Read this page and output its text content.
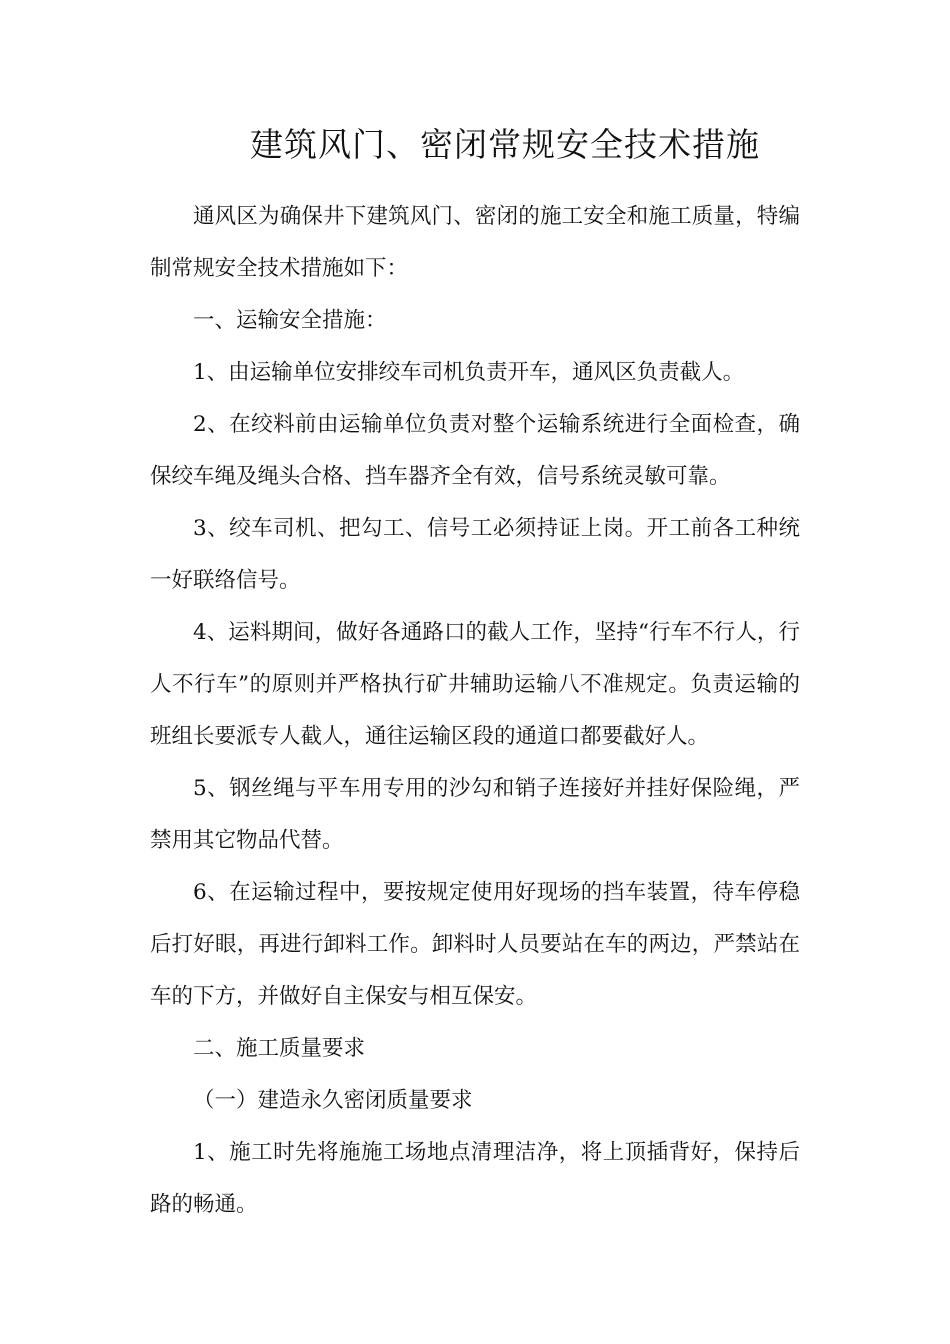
建筑风门、密闭常规安全技术措施

通风区为确保井下建筑风门、密闭的施工安全和施工质量，特编制常规安全技术措施如下：

一、运输安全措施：

1、由运输单位安排绞车司机负责开车，通风区负责截人。

2、在绞料前由运输单位负责对整个运输系统进行全面检查，确保绞车绳及绳头合格、挡车器齐全有效，信号系统灵敏可靠。

3、绞车司机、把勾工、信号工必须持证上岗。开工前各工种统一好联络信号。

4、运料期间，做好各通路口的截人工作，坚持“行车不行人，行人不行车”的原则并严格执行矿井辅助运输八不准规定。负责运输的班组长要派专人截人，通往运输区段的通道口都要截好人。

5、钢丝绳与平车用专用的沙勾和销子连接好并挂好保险绳，严禁用其它物品代替。

6、在运输过程中，要按规定使用好现场的挡车装置，待车停稳后打好眼，再进行卸料工作。卸料时人员要站在车的两边，严禁站在车的下方，并做好自主保安与相互保安。

二、施工质量要求

（一）建造永久密闭质量要求

1、施工时先将施施工场地点清理洁净，将上顶插背好，保持后路的畅通。
